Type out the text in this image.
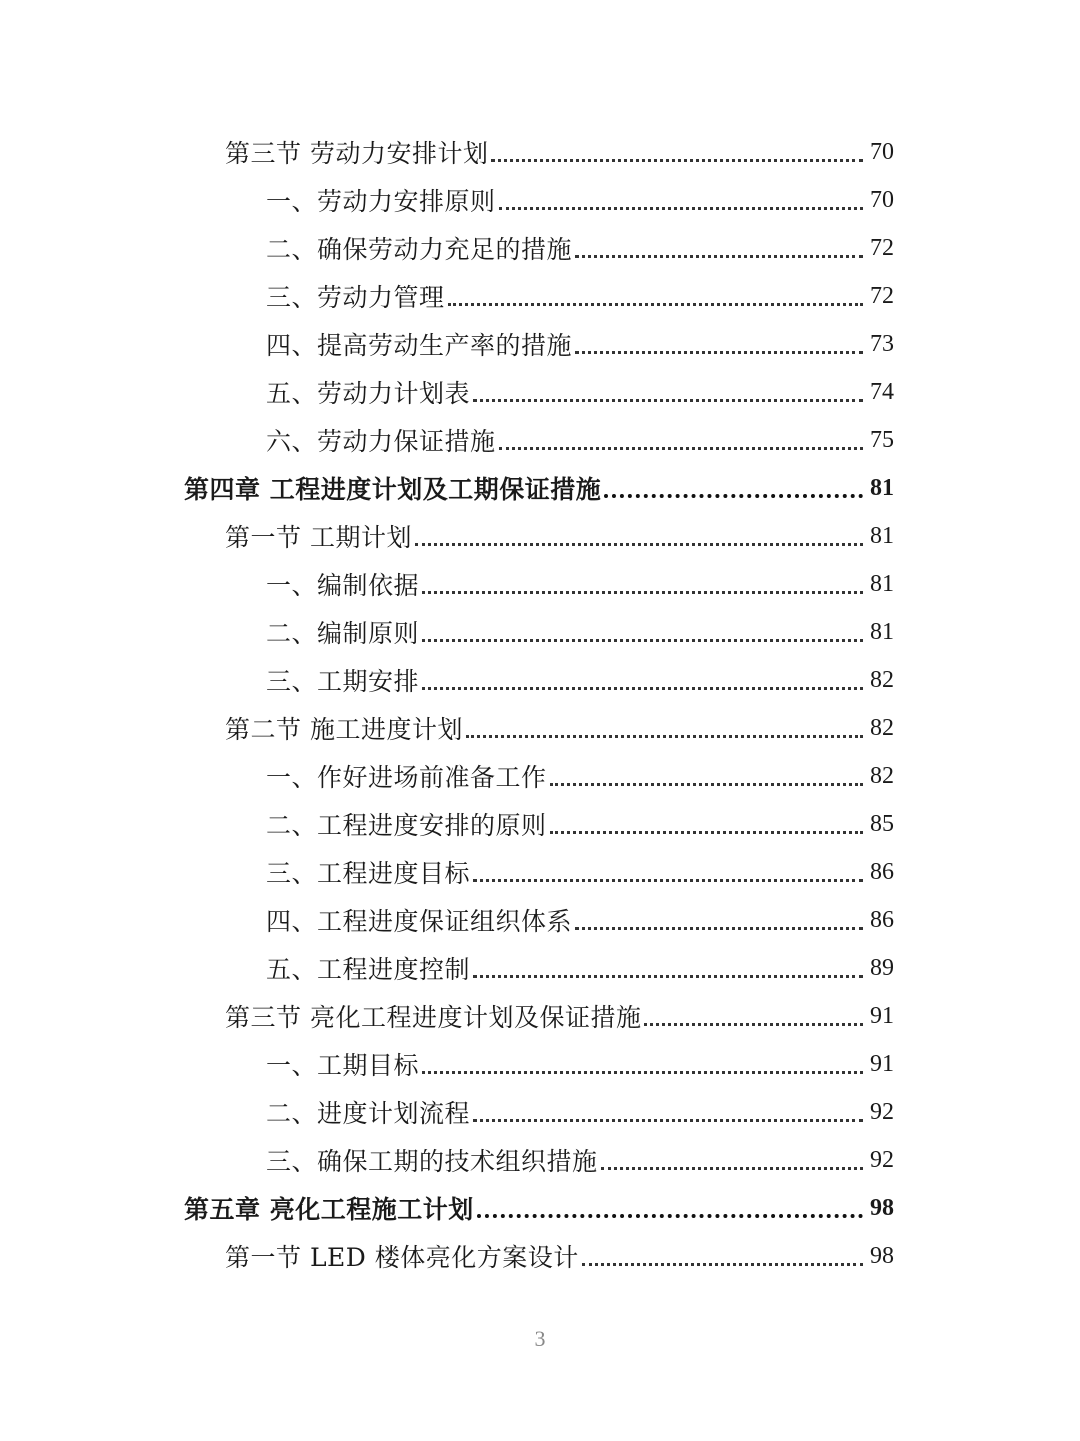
第三节 劳动力安排计划	70
一、劳动力安排原则	70
二、确保劳动力充足的措施	72
三、劳动力管理	72
四、提高劳动生产率的措施	73
五、劳动力计划表	74
六、劳动力保证措施	75
第四章 工程进度计划及工期保证措施	81
第一节 工期计划	81
一、编制依据	81
二、编制原则	81
三、工期安排	82
第二节 施工进度计划	82
一、作好进场前准备工作	82
二、工程进度安排的原则	85
三、工程进度目标	86
四、工程进度保证组织体系	86
五、工程进度控制	89
第三节 亮化工程进度计划及保证措施	91
一、工期目标	91
二、进度计划流程	92
三、确保工期的技术组织措施	92
第五章 亮化工程施工计划	98
第一节 LED 楼体亮化方案设计	98
3
